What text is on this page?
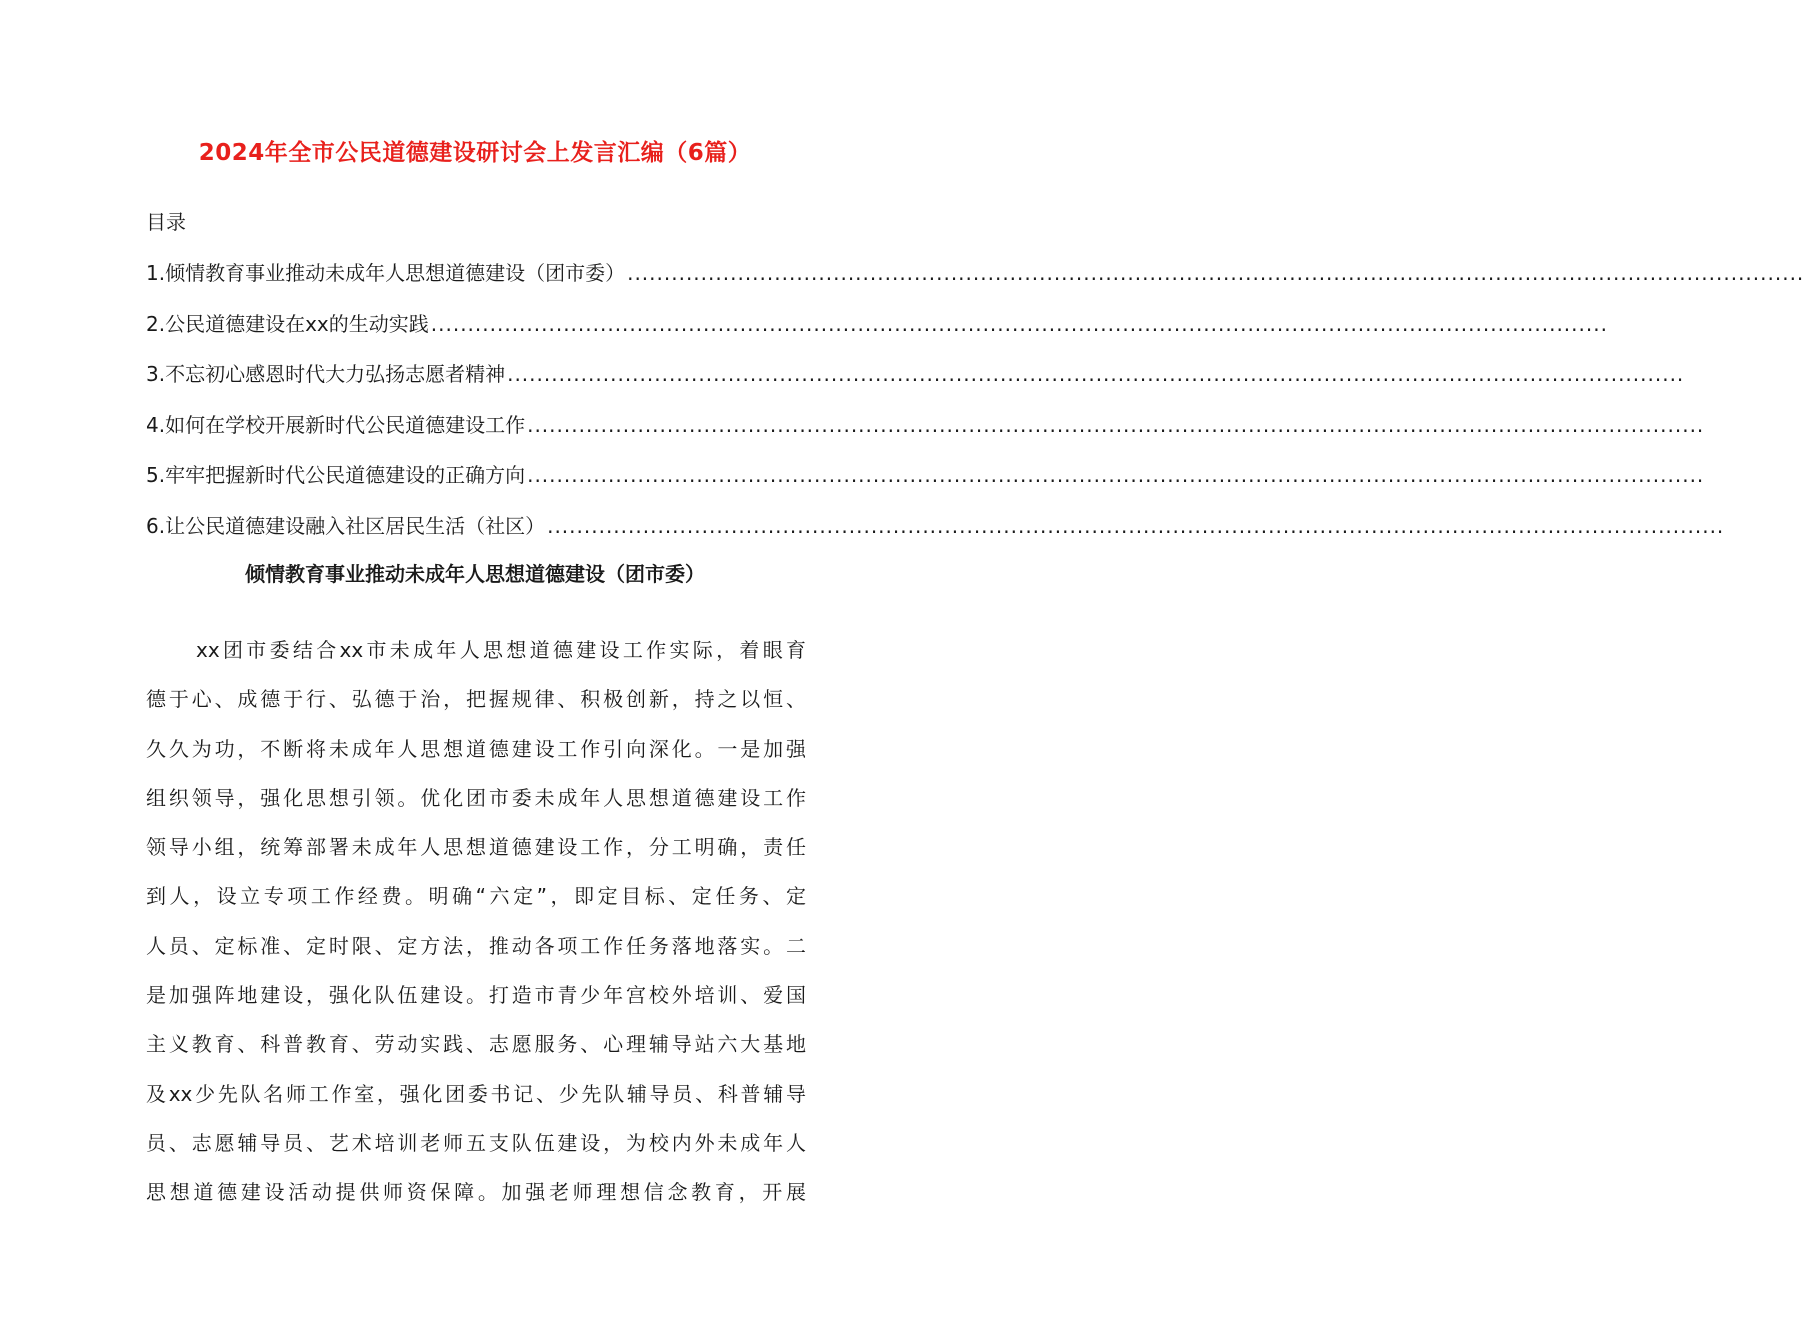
2024年全市公民道德建设研讨会上发言汇编（6篇）
目录
1.倾情教育事业推动未成年人思想道德建设（团市委） ................................................................................................................................................................
2.公民道德建设在xx的生动实践 ................................................................................................................................................................
3.不忘初心感恩时代大力弘扬志愿者精神 ................................................................................................................................................................
4.如何在学校开展新时代公民道德建设工作 ................................................................................................................................................................
5.牢牢把握新时代公民道德建设的正确方向 ................................................................................................................................................................
6.让公民道德建设融入社区居民生活（社区） ................................................................................................................................................................
倾情教育事业推动未成年人思想道德建设（团市委）
xx团市委结合xx市未成年人思想道德建设工作实际，着眼育
德于心、成德于行、弘德于治，把握规律、积极创新，持之以恒、
久久为功，不断将未成年人思想道德建设工作引向深化。一是加强
组织领导，强化思想引领。优化团市委未成年人思想道德建设工作
领导小组，统筹部署未成年人思想道德建设工作，分工明确，责任
到人，设立专项工作经费。明确“六定”，即定目标、定任务、定
人员、定标准、定时限、定方法，推动各项工作任务落地落实。二
是加强阵地建设，强化队伍建设。打造市青少年宫校外培训、爱国
主义教育、科普教育、劳动实践、志愿服务、心理辅导站六大基地
及xx少先队名师工作室，强化团委书记、少先队辅导员、科普辅导
员、志愿辅导员、艺术培训老师五支队伍建设，为校内外未成年人
思想道德建设活动提供师资保障。加强老师理想信念教育，开展
